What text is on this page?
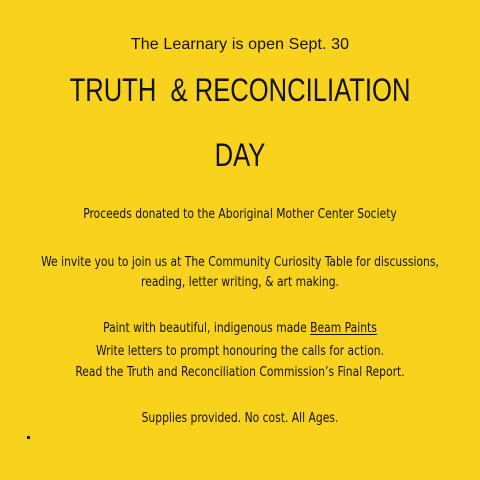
The Learnary is open Sept. 30
TRUTH  & RECONCILIATION
DAY
Proceeds donated to the Aboriginal Mother Center Society
We invite you to join us at The Community Curiosity Table for discussions,
reading, letter writing, & art making.
Paint with beautiful, indigenous made Beam Paints
Write letters to prompt honouring the calls for action.
Read the Truth and Reconciliation Commission’s Final Report.
Supplies provided. No cost. All Ages.
